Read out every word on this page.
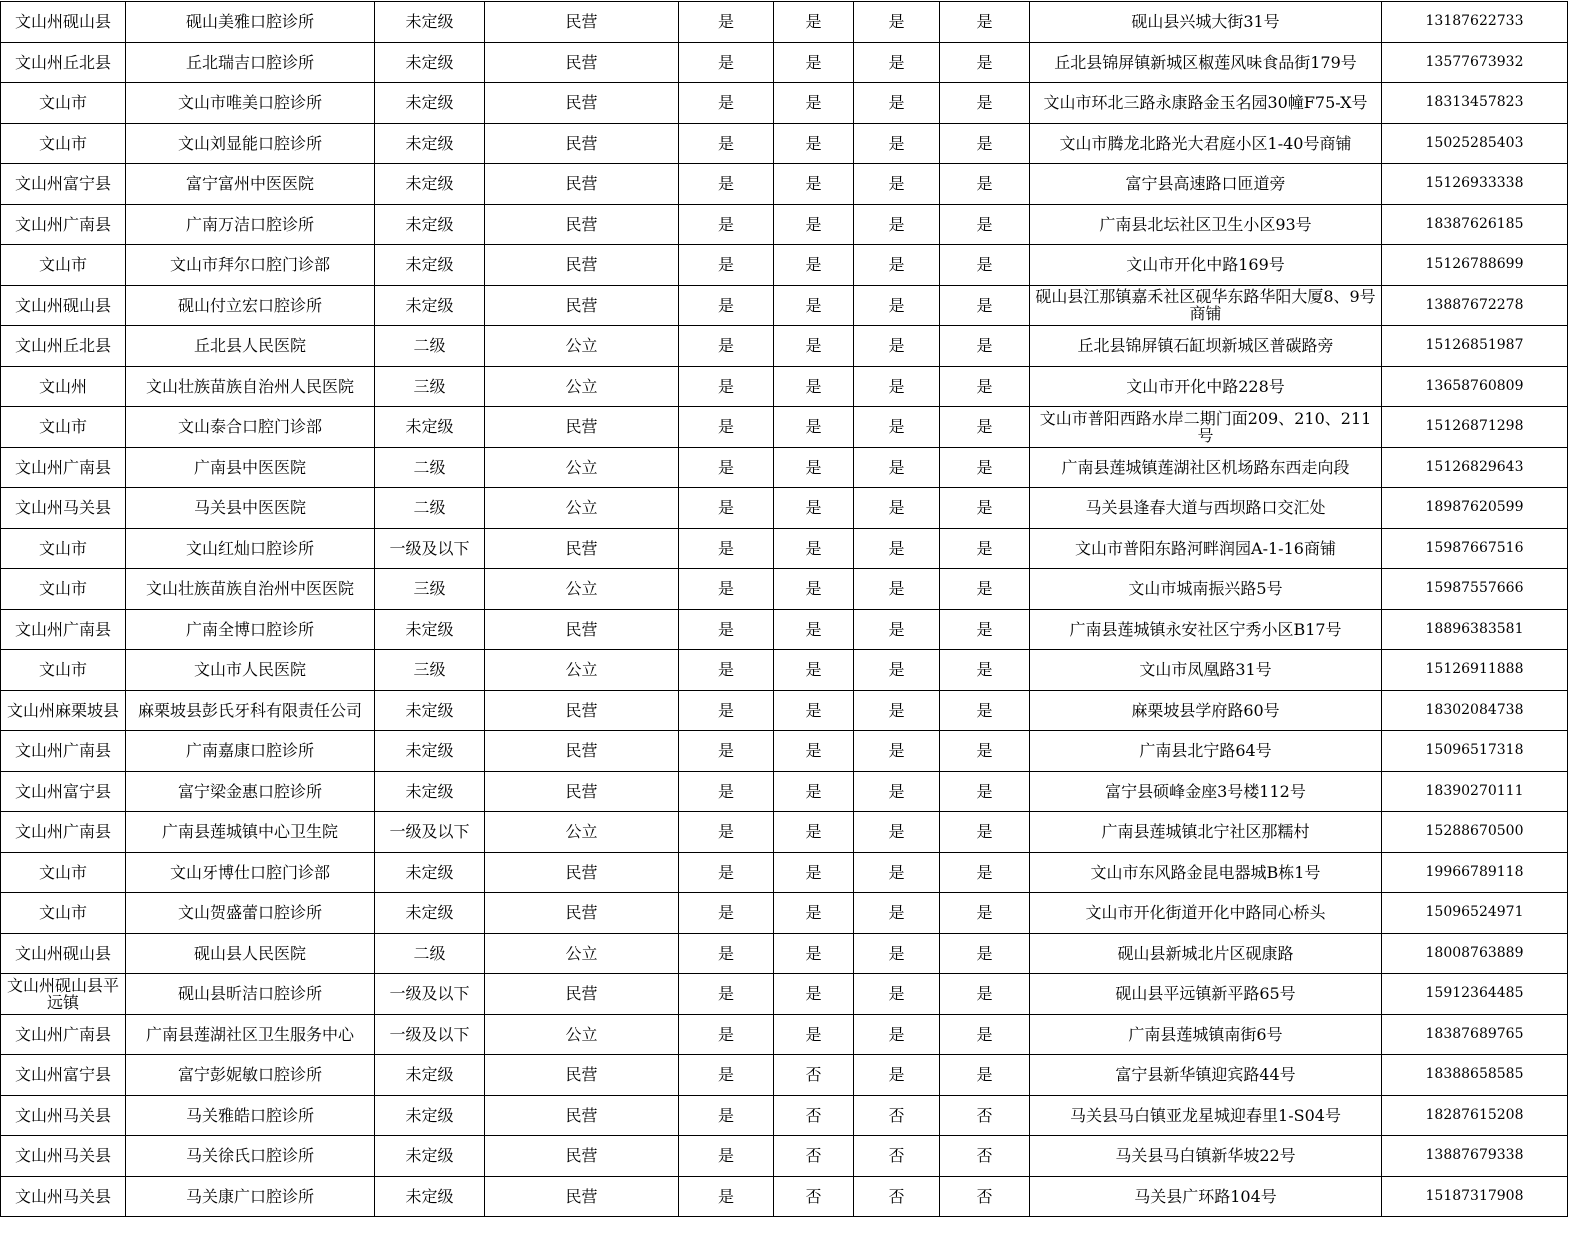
文山州砚山县	砚山美雅口腔诊所	未定级	民营	是	是	是	是	砚山县兴城大街31号	13187622733
文山州丘北县	丘北瑞吉口腔诊所	未定级	民营	是	是	是	是	丘北县锦屏镇新城区椒莲风味食品街179号	13577673932
文山市	文山市唯美口腔诊所	未定级	民营	是	是	是	是	文山市环北三路永康路金玉名园30幢F75-X号	18313457823
文山市	文山刘显能口腔诊所	未定级	民营	是	是	是	是	文山市腾龙北路光大君庭小区1-40号商铺	15025285403
文山州富宁县	富宁富州中医医院	未定级	民营	是	是	是	是	富宁县高速路口匝道旁	15126933338
文山州广南县	广南万洁口腔诊所	未定级	民营	是	是	是	是	广南县北坛社区卫生小区93号	18387626185
文山市	文山市拜尔口腔门诊部	未定级	民营	是	是	是	是	文山市开化中路169号	15126788699
文山州砚山县	砚山付立宏口腔诊所	未定级	民营	是	是	是	是	砚山县江那镇嘉禾社区砚华东路华阳大厦8、9号商铺	13887672278
文山州丘北县	丘北县人民医院	二级	公立	是	是	是	是	丘北县锦屏镇石缸坝新城区普碳路旁	15126851987
文山州	文山壮族苗族自治州人民医院	三级	公立	是	是	是	是	文山市开化中路228号	13658760809
文山市	文山泰合口腔门诊部	未定级	民营	是	是	是	是	文山市普阳西路水岸二期门面209、210、211号	15126871298
文山州广南县	广南县中医医院	二级	公立	是	是	是	是	广南县莲城镇莲湖社区机场路东西走向段	15126829643
文山州马关县	马关县中医医院	二级	公立	是	是	是	是	马关县逢春大道与西坝路口交汇处	18987620599
文山市	文山红灿口腔诊所	一级及以下	民营	是	是	是	是	文山市普阳东路河畔润园A-1-16商铺	15987667516
文山市	文山壮族苗族自治州中医医院	三级	公立	是	是	是	是	文山市城南振兴路5号	15987557666
文山州广南县	广南全博口腔诊所	未定级	民营	是	是	是	是	广南县莲城镇永安社区宁秀小区B17号	18896383581
文山市	文山市人民医院	三级	公立	是	是	是	是	文山市凤凰路31号	15126911888
文山州麻栗坡县	麻栗坡县彭氏牙科有限责任公司	未定级	民营	是	是	是	是	麻栗坡县学府路60号	18302084738
文山州广南县	广南嘉康口腔诊所	未定级	民营	是	是	是	是	广南县北宁路64号	15096517318
文山州富宁县	富宁梁金惠口腔诊所	未定级	民营	是	是	是	是	富宁县硕峰金座3号楼112号	18390270111
文山州广南县	广南县莲城镇中心卫生院	一级及以下	公立	是	是	是	是	广南县莲城镇北宁社区那糯村	15288670500
文山市	文山牙博仕口腔门诊部	未定级	民营	是	是	是	是	文山市东风路金昆电器城B栋1号	19966789118
文山市	文山贺盛蕾口腔诊所	未定级	民营	是	是	是	是	文山市开化街道开化中路同心桥头	15096524971
文山州砚山县	砚山县人民医院	二级	公立	是	是	是	是	砚山县新城北片区砚康路	18008763889
文山州砚山县平远镇	砚山县昕洁口腔诊所	一级及以下	民营	是	是	是	是	砚山县平远镇新平路65号	15912364485
文山州广南县	广南县莲湖社区卫生服务中心	一级及以下	公立	是	是	是	是	广南县莲城镇南街6号	18387689765
文山州富宁县	富宁彭妮敏口腔诊所	未定级	民营	是	否	是	是	富宁县新华镇迎宾路44号	18388658585
文山州马关县	马关雅皓口腔诊所	未定级	民营	是	否	否	否	马关县马白镇亚龙星城迎春里1-S04号	18287615208
文山州马关县	马关徐氏口腔诊所	未定级	民营	是	否	否	否	马关县马白镇新华坡22号	13887679338
文山州马关县	马关康广口腔诊所	未定级	民营	是	否	否	否	马关县广环路104号	15187317908
